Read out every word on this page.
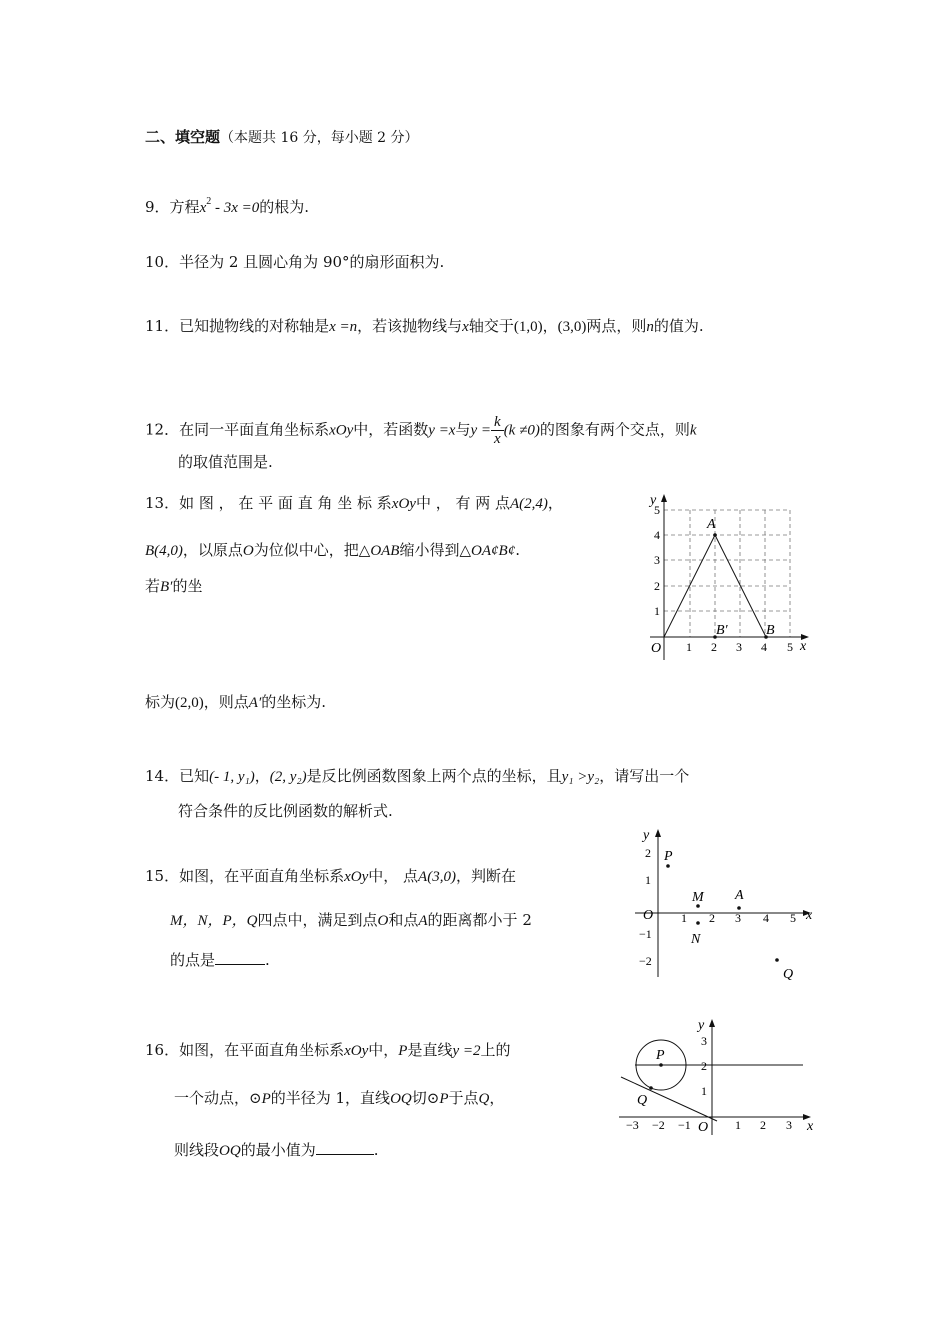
二、填空题（本题共 16 分，每小题 2 分）
9．方程$x^2 - 3x =0$的根为.
10．半径为 2 且圆心角为 90°的扇形面积为.
11．已知抛物线的对称轴是x =n，若该抛物线与x轴交于(1,0)，(3,0)两点，则n的值为.
12．在同一平面直角坐标系xOy中，若函数y =x与$y = \frac{k}{x} (k \ne 0)$的图象有两个交点，则k
的取值范围是.
13．如 图 ， 在 平 面 直 角 坐 标 系xOy中 ， 有 两 点A(2,4)，
B(4,0)，以原点O为位似中心，把△OAB缩小得到△OA¢B¢.
若B′的坐
标为(2,0)，则点A′的坐标为.
y
x
O 1 2 3 4 5
1
2
3
4
5
A
B
B′
14．已知(- 1, y₁)，(2, y₂)是反比例函数图象上两个点的坐标，且y₁ >y₂，请写出一个
符合条件的反比例函数的解析式.
15．如图，在平面直角坐标系xOy中， 点A(3,0)，判断在
M，N，P，Q四点中，满足到点O和点A的距离都小于 2
的点是	.
y
x
O 1 2 3 4 5
2
1
−1
−2
P
M
N
A
Q
16．如图，在平面直角坐标系xOy中，P是直线y =2上的
一个动点，⊙P的半径为 1，直线OQ切⊙P于点Q，
则线段OQ的最小值为	.
y
x
O
−3 −2 −1	1 2 3
3
2
1
P
Q
